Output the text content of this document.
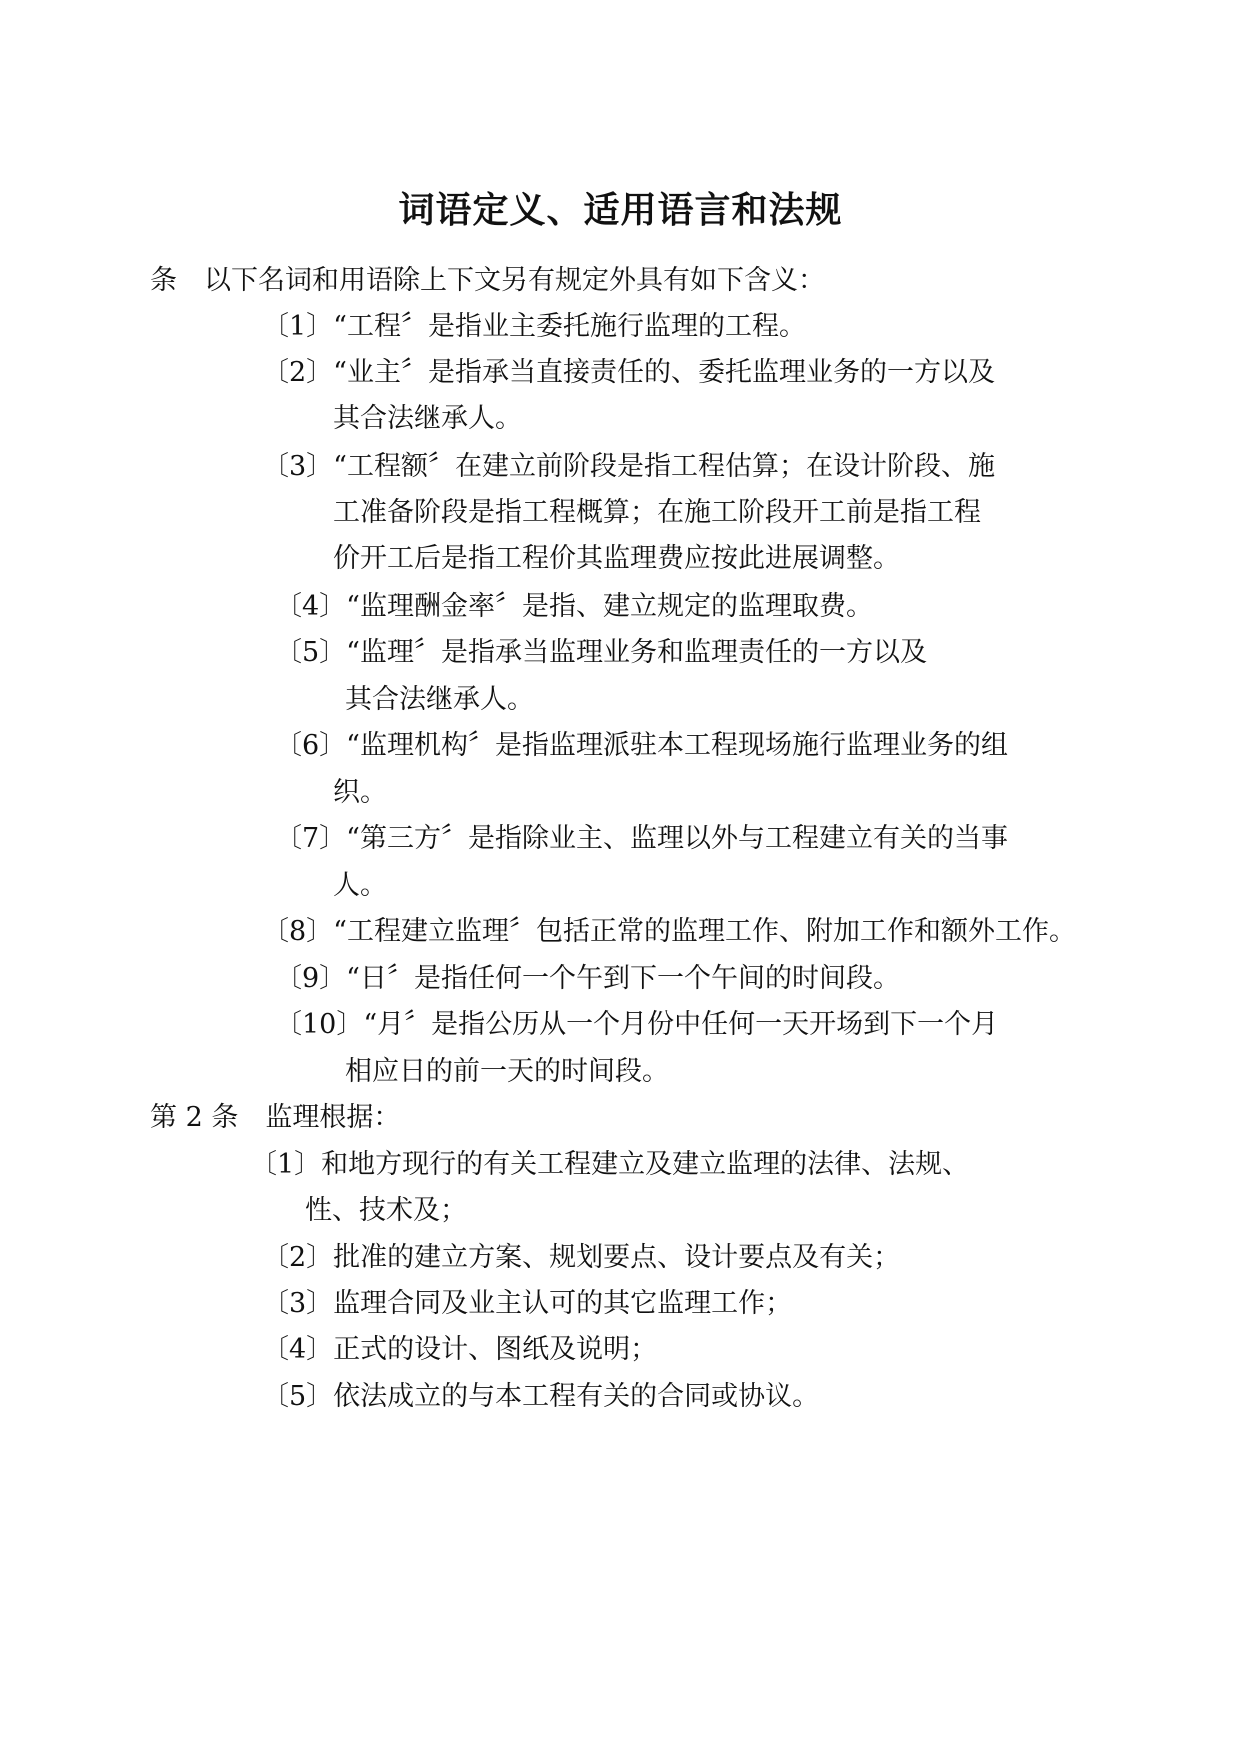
词语定义、适用语言和法规
条　以下名词和用语除上下文另有规定外具有如下含义：
〔1〕“工程〞是指业主委托施行监理的工程。
〔2〕“业主〞是指承当直接责任的、委托监理业务的一方以及
其合法继承人。
〔3〕“工程额〞在建立前阶段是指工程估算；在设计阶段、施
工准备阶段是指工程概算；在施工阶段开工前是指工程
价开工后是指工程价其监理费应按此进展调整。
〔4〕“监理酬金率〞是指、建立规定的监理取费。
〔5〕“监理〞是指承当监理业务和监理责任的一方以及
其合法继承人。
〔6〕“监理机构〞是指监理派驻本工程现场施行监理业务的组
织。
〔7〕“第三方〞是指除业主、监理以外与工程建立有关的当事
人。
〔8〕“工程建立监理〞包括正常的监理工作、附加工作和额外工作。
〔9〕“日〞是指任何一个午到下一个午间的时间段。
〔10〕“月〞是指公历从一个月份中任何一天开场到下一个月
相应日的前一天的时间段。
第 2 条　监理根据：
〔1〕和地方现行的有关工程建立及建立监理的法律、法规、
性、技术及；
〔2〕批准的建立方案、规划要点、设计要点及有关；
〔3〕监理合同及业主认可的其它监理工作；
〔4〕正式的设计、图纸及说明；
〔5〕依法成立的与本工程有关的合同或协议。
